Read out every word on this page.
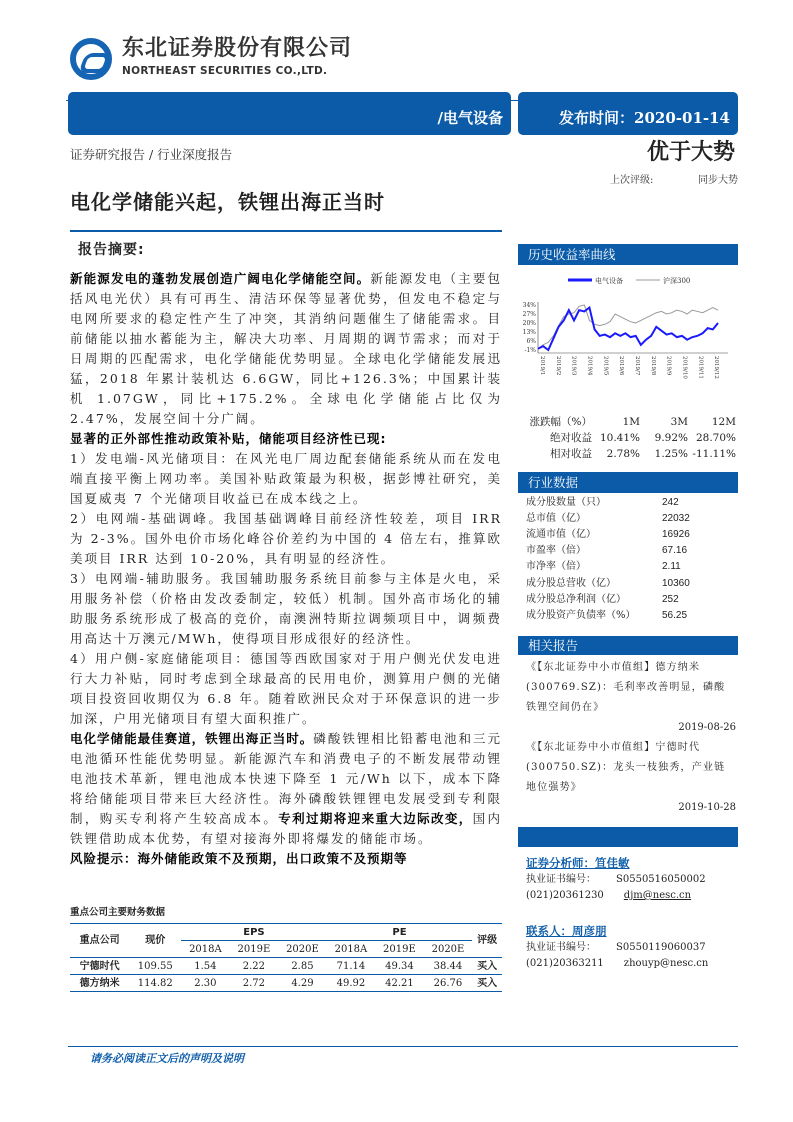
东北证券股份有限公司
NORTHEAST SECURITIES CO.,LTD.
/电气设备	发布时间：2020-01-14
证券研究报告 / 行业深度报告	优于大势
上次评级:	同步大势
电化学储能兴起，铁锂出海正当时
报告摘要:

新能源发电的蓬勃发展创造广阔电化学储能空间。新能源发电（主要包括风电光伏）具有可再生、清洁环保等显著优势，但发电不稳定与电网所要求的稳定性产生了冲突，其消纳问题催生了储能需求。目前储能以抽水蓄能为主，解决大功率、月周期的调节需求；而对于日周期的匹配需求，电化学储能优势明显。全球电化学储能发展迅猛，2018 年累计装机达 6.6GW，同比+126.3%；中国累计装机 1.07GW，同比+175.2%。全球电化学储能占比仅为 2.47%，发展空间十分广阔。

显著的正外部性推动政策补贴，储能项目经济性已现:

1）发电端-风光储项目：在风光电厂周边配套储能系统从而在发电端直接平衡上网功率。美国补贴政策最为积极，据彭博社研究，美国夏威夷 7 个光储项目收益已在成本线之上。

2）电网端-基础调峰。我国基础调峰目前经济性较差，项目 IRR 为 2-3%。国外电价市场化峰谷价差约为中国的 4 倍左右，推算欧美项目 IRR 达到 10-20%，具有明显的经济性。

3）电网端-辅助服务。我国辅助服务系统目前参与主体是火电，采用服务补偿（价格由发改委制定，较低）机制。国外高市场化的辅助服务系统形成了极高的竞价，南澳洲特斯拉调频项目中，调频费用高达十万澳元/MWh，使得项目形成很好的经济性。

4）用户侧-家庭储能项目：德国等西欧国家对于用户侧光伏发电进行大力补贴，同时考虑到全球最高的民用电价，测算用户侧的光储项目投资回收期仅为 6.8 年。随着欧洲民众对于环保意识的进一步加深，户用光储项目有望大面积推广。

电化学储能最佳赛道，铁锂出海正当时。磷酸铁锂相比铅蓄电池和三元电池循环性能优势明显。新能源汽车和消费电子的不断发展带动锂电池技术革新，锂电池成本快速下降至 1 元/Wh 以下，成本下降将给储能项目带来巨大经济性。海外磷酸铁锂锂电发展受到专利限制，购买专利将产生较高成本。专利过期将迎来重大边际改变，国内铁锂借助成本优势，有望对接海外即将爆发的储能市场。

风险提示：海外储能政策不及预期，出口政策不及预期等

历史收益率曲线
电气设备	沪深300
34%
27%
20%
13%
6%
-1%
2019/1 2019/2 2019/3 2019/4 2019/5 2019/6 2019/7 2019/8 2019/9 2019/10 2019/11 2019/12
涨跌幅（%）	1M	3M	12M
绝对收益 10.41%	9.92% 28.70%
相对收益	2.78%	1.25% -11.11%
行业数据
成分股数量（只）	242
总市值（亿）	22032
流通市值（亿）	16926
市盈率（倍）	67.16
市净率（倍）	2.11
成分股总营收（亿）	10360
成分股总净利润（亿）	252
成分股资产负债率（%）	56.25
相关报告
《【东北证券中小市值组】德方纳米(300769.SZ)：毛利率改善明显，磷酸铁锂空间仍在》
2019-08-26
《【东北证券中小市值组】宁德时代(300750.SZ)：龙头一枝独秀，产业链地位强势》
2019-10-28
证券分析师：笪佳敏
执业证书编号： S0550516050002
(021)20361230 djm@nesc.cn
联系人：周彦朋
执业证书编号： S0550119060037
(021)20363211 zhouyp@nesc.cn
重点公司主要财务数据
重点公司	现价	EPS			PE			评级
		2018A	2019E	2020E	2018A	2019E	2020E	
宁德时代	109.55	1.54	2.22	2.85	71.14	49.34	38.44	买入
德方纳米	114.82	2.30	2.72	4.29	49.92	42.21	26.76	买入
请务必阅读正文后的声明及说明
